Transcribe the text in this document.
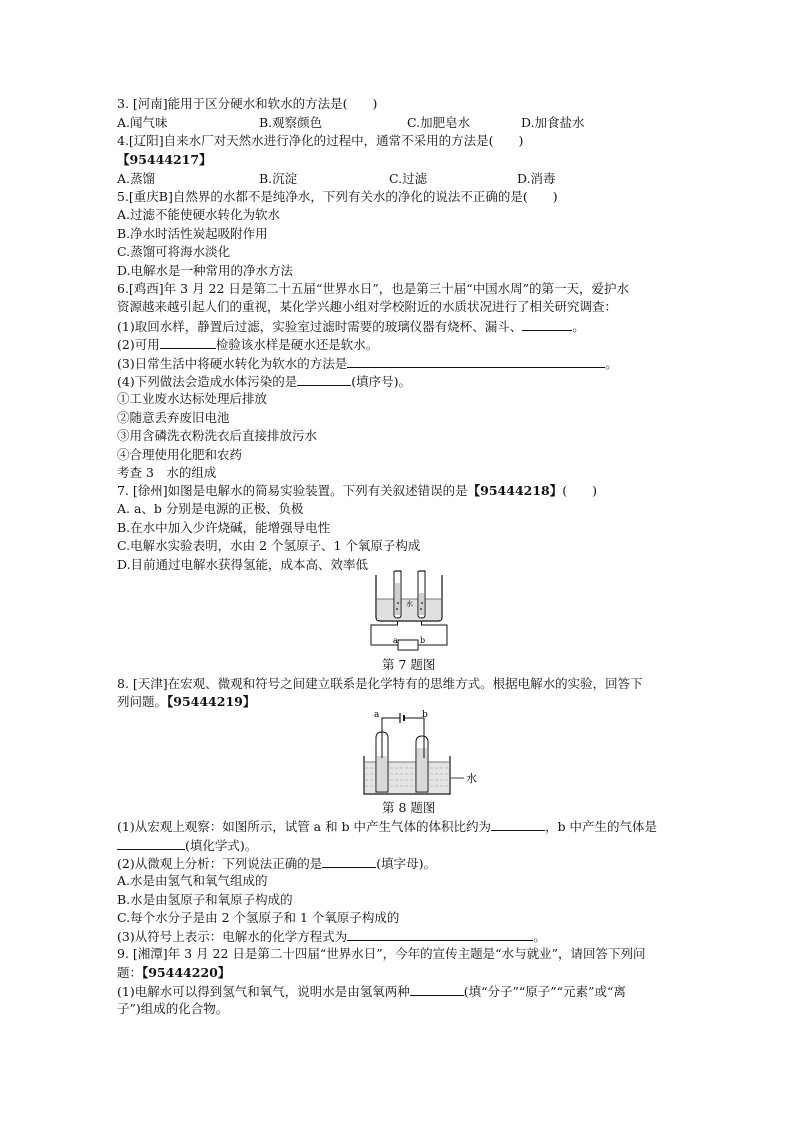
3. [河南]能用于区分硬水和软水的方法是(　　)
A.闻气味	B.观察颜色	C.加肥皂水	D.加食盐水
4.[辽阳]自来水厂对天然水进行净化的过程中，通常不采用的方法是(　　)
【95444217】
A.蒸馏	B.沉淀	C.过滤	D.消毒
5.[重庆B]自然界的水都不是纯净水，下列有关水的净化的说法不正确的是(　　)
A.过滤不能使硬水转化为软水
B.净水时活性炭起吸附作用
C.蒸馏可将海水淡化
D.电解水是一种常用的净水方法
6.[鸡西]年 3 月 22 日是第二十五届“世界水日”，也是第三十届“中国水周”的第一天，爱护水
资源越来越引起人们的重视，某化学兴趣小组对学校附近的水质状况进行了相关研究调查：
(1)取回水样，静置后过滤，实验室过滤时需要的玻璃仪器有烧杯、漏斗、	。
(2)可用	检验该水样是硬水还是软水。
(3)日常生活中将硬水转化为软水的方法是	。
(4)下列做法会造成水体污染的是	(填序号)。
①工业废水达标处理后排放
②随意丢弃废旧电池
③用含磷洗衣粉洗衣后直接排放污水
④合理使用化肥和农药
考查 3　水的组成
7. [徐州]如图是电解水的简易实验装置。下列有关叙述错误的是【95444218】(　　)
A. a、b 分别是电源的正极、负极
B.在水中加入少许烧碱，能增强导电性
C.电解水实验表明，水由 2 个氢原子、1 个氧原子构成
D.目前通过电解水获得氢能，成本高、效率低
水
a	b
第 7 题图
8. [天津]在宏观、微观和符号之间建立联系是化学特有的思维方式。根据电解水的实验，回答下
列问题。【95444219】
a	b
水
第 8 题图
(1)从宏观上观察：如图所示，试管 a 和 b 中产生气体的体积比约为	，b 中产生的气体是
(填化学式)。
(2)从微观上分析：下列说法正确的是	(填字母)。
A.水是由氢气和氧气组成的
B.水是由氢原子和氧原子构成的
C.每个水分子是由 2 个氢原子和 1 个氧原子构成的
(3)从符号上表示：电解水的化学方程式为	。
9. [湘潭]年 3 月 22 日是第二十四届“世界水日”，今年的宣传主题是“水与就业”，请回答下列问
题：【95444220】
(1)电解水可以得到氢气和氧气，说明水是由氢氧两种	(填“分子”“原子”“元素”或“离
子”)组成的化合物。
